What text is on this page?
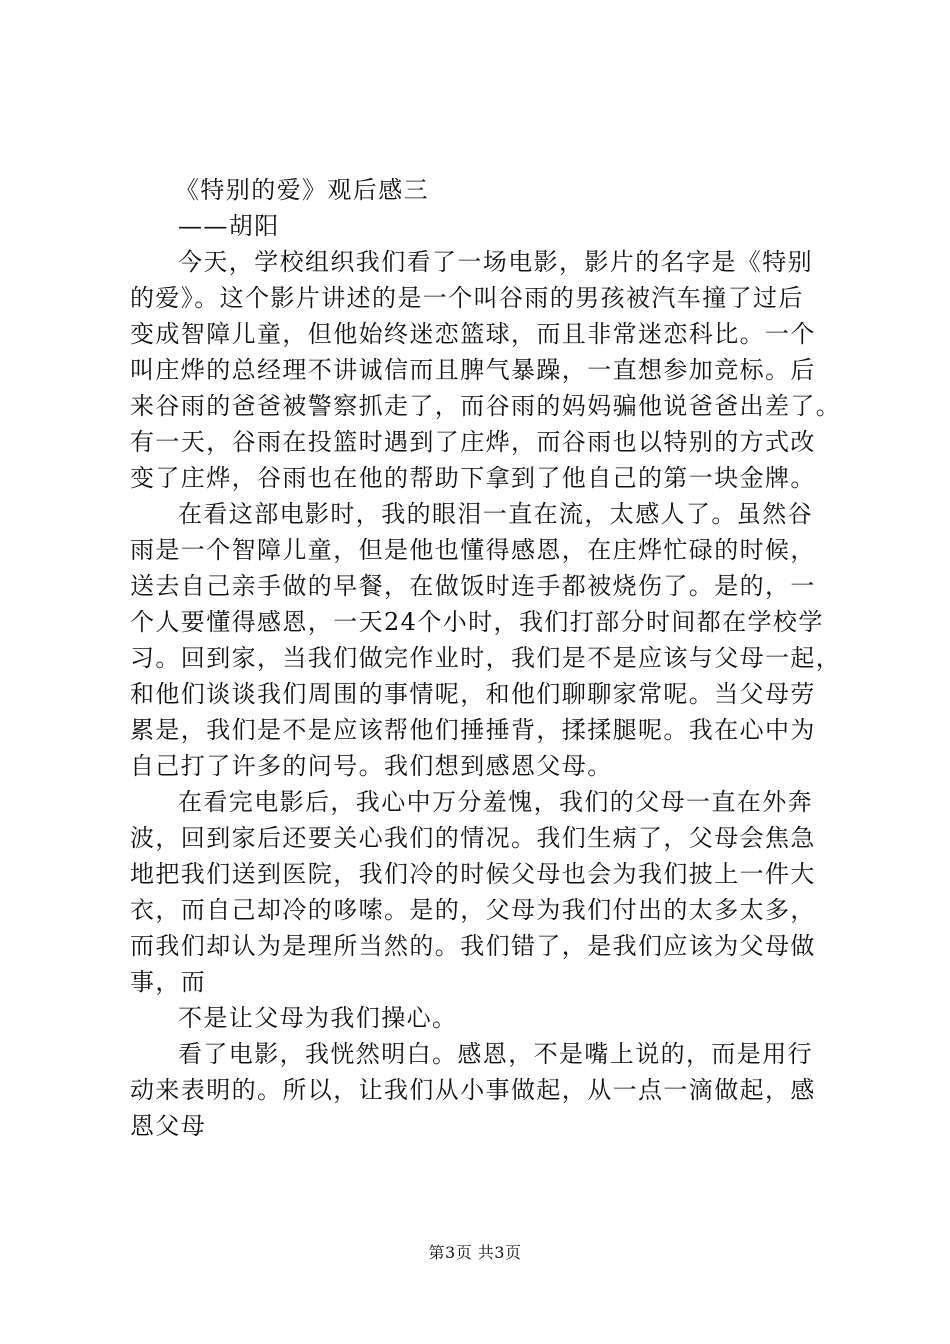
《特别的爱》观后感三
——胡阳
今天，学校组织我们看了一场电影，影片的名字是《特别
的爱》。这个影片讲述的是一个叫谷雨的男孩被汽车撞了过后
变成智障儿童，但他始终迷恋篮球，而且非常迷恋科比。一个
叫庄烨的总经理不讲诚信而且脾气暴躁，一直想参加竞标。后
来谷雨的爸爸被警察抓走了，而谷雨的妈妈骗他说爸爸出差了。
有一天，谷雨在投篮时遇到了庄烨，而谷雨也以特别的方式改
变了庄烨，谷雨也在他的帮助下拿到了他自己的第一块金牌。
在看这部电影时，我的眼泪一直在流，太感人了。虽然谷
雨是一个智障儿童，但是他也懂得感恩，在庄烨忙碌的时候，
送去自己亲手做的早餐，在做饭时连手都被烧伤了。是的，一
个人要懂得感恩，一天24个小时，我们打部分时间都在学校学
习。回到家，当我们做完作业时，我们是不是应该与父母一起，
和他们谈谈我们周围的事情呢，和他们聊聊家常呢。当父母劳
累是，我们是不是应该帮他们捶捶背，揉揉腿呢。我在心中为
自己打了许多的问号。我们想到感恩父母。
在看完电影后，我心中万分羞愧，我们的父母一直在外奔
波，回到家后还要关心我们的情况。我们生病了，父母会焦急
地把我们送到医院，我们冷的时候父母也会为我们披上一件大
衣，而自己却冷的哆嗦。是的，父母为我们付出的太多太多，
而我们却认为是理所当然的。我们错了，是我们应该为父母做
事，而
不是让父母为我们操心。
看了电影，我恍然明白。感恩，不是嘴上说的，而是用行
动来表明的。所以，让我们从小事做起，从一点一滴做起，感
恩父母
第3页 共3页
